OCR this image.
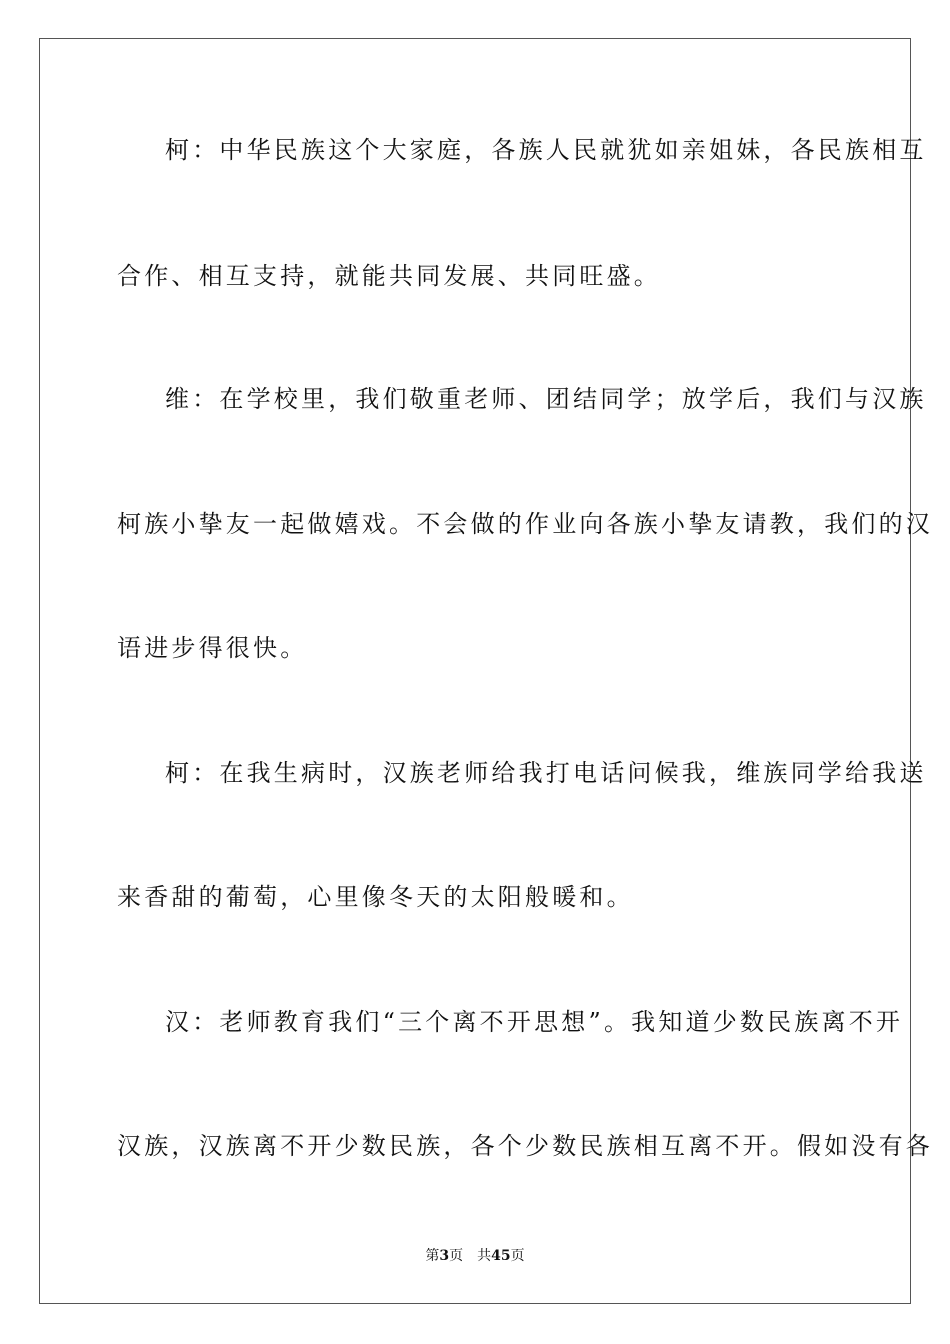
柯：中华民族这个大家庭，各族人民就犹如亲姐妹，各民族相互
合作、相互支持，就能共同发展、共同旺盛。
维：在学校里，我们敬重老师、团结同学；放学后，我们与汉族
柯族小挚友一起做嬉戏。不会做的作业向各族小挚友请教，我们的汉
语进步得很快。
柯：在我生病时，汉族老师给我打电话问候我，维族同学给我送
来香甜的葡萄，心里像冬天的太阳般暖和。
汉：老师教育我们“三个离不开思想”。我知道少数民族离不开
汉族，汉族离不开少数民族，各个少数民族相互离不开。假如没有各
第3页 共45页
